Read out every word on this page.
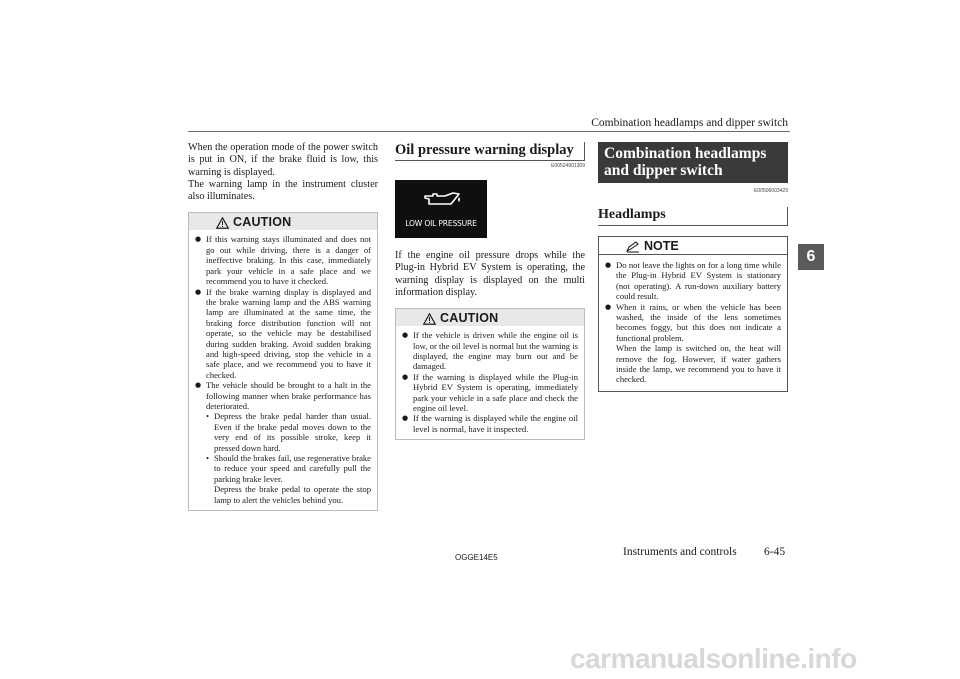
Combination headlamps and dipper switch
6

When the operation mode of the power switch is put in ON, if the brake fluid is low, this warning is displayed.

The warning lamp in the instrument cluster also illuminates.

CAUTION
● If this warning stays illuminated and does not go out while driving, there is a danger of ineffective braking. In this case, immediately park your vehicle in a safe place and we recommend you to have it checked.
● If the brake warning display is displayed and the brake warning lamp and the ABS warning lamp are illuminated at the same time, the braking force distribution function will not operate, so the vehicle may be destabilised during sudden braking. Avoid sudden braking and high-speed driving, stop the vehicle in a safe place, and we recommend you to have it checked.
● The vehicle should be brought to a halt in the following manner when brake performance has deteriorated.
• Depress the brake pedal harder than usual. Even if the brake pedal moves down to the very end of its possible stroke, keep it pressed down hard.
• Should the brakes fail, use regenerative brake to reduce your speed and carefully pull the parking brake lever.
Depress the brake pedal to operate the stop lamp to alert the vehicles behind you.
Oil pressure warning display
E00524901309
LOW OIL PRESSURE

If the engine oil pressure drops while the Plug-in Hybrid EV System is operating, the warning display is displayed on the multi information display.

CAUTION
● If the vehicle is driven while the engine oil is low, or the oil level is normal but the warning is displayed, the engine may burn out and be damaged.
● If the warning is displayed while the Plug-in Hybrid EV System is operating, immediately park your vehicle in a safe place and check the engine oil level.
● If the warning is displayed while the engine oil level is normal, have it inspected.
Combination headlamps and dipper switch
E00506003429
Headlamps
NOTE
● Do not leave the lights on for a long time while the Plug-in Hybrid EV System is stationary (not operating). A run-down auxiliary battery could result.
● When it rains, or when the vehicle has been washed, the inside of the lens sometimes becomes foggy, but this does not indicate a functional problem.
When the lamp is switched on, the heat will remove the fog. However, if water gathers inside the lamp, we recommend you to have it checked.
OGGE14E5	Instruments and controls 6-45
carmanualsonline.info
